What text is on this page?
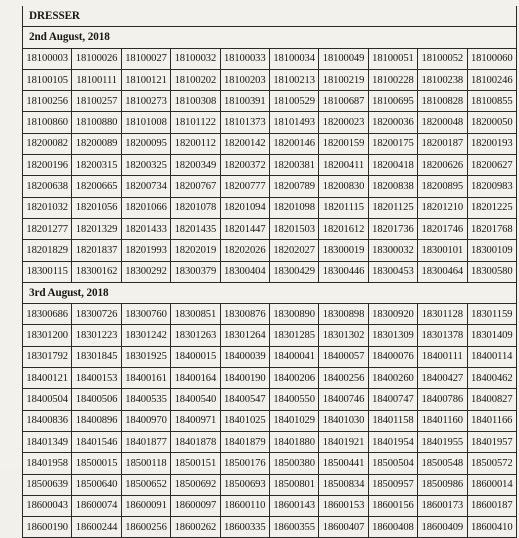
DRESSER									
2nd August, 2018									
18100003	18100026	18100027	18100032	18100033	18100034	18100049	18100051	18100052	18100060
18100105	18100111	18100121	18100202	18100203	18100213	18100219	18100228	18100238	18100246
18100256	18100257	18100273	18100308	18100391	18100529	18100687	18100695	18100828	18100855
18100860	18100880	18101008	18101122	18101373	18101493	18200023	18200036	18200048	18200050
18200082	18200089	18200095	18200112	18200142	18200146	18200159	18200175	18200187	18200193
18200196	18200315	18200325	18200349	18200372	18200381	18200411	18200418	18200626	18200627
18200638	18200665	18200734	18200767	18200777	18200789	18200830	18200838	18200895	18200983
18201032	18201056	18201066	18201078	18201094	18201098	18201115	18201125	18201210	18201225
18201277	18201329	18201433	18201435	18201447	18201503	18201612	18201736	18201746	18201768
18201829	18201837	18201993	18202019	18202026	18202027	18300019	18300032	18300101	18300109
18300115	18300162	18300292	18300379	18300404	18300429	18300446	18300453	18300464	18300580
3rd August, 2018									
18300686	18300726	18300760	18300851	18300876	18300890	18300898	18300920	18301128	18301159
18301200	18301223	18301242	18301263	18301264	18301285	18301302	18301309	18301378	18301409
18301792	18301845	18301925	18400015	18400039	18400041	18400057	18400076	18400111	18400114
18400121	18400153	18400161	18400164	18400190	18400206	18400256	18400260	18400427	18400462
18400504	18400506	18400535	18400540	18400547	18400550	18400746	18400747	18400786	18400827
18400836	18400896	18400970	18400971	18401025	18401029	18401030	18401158	18401160	18401166
18401349	18401546	18401877	18401878	18401879	18401880	18401921	18401954	18401955	18401957
18401958	18500015	18500118	18500151	18500176	18500380	18500441	18500504	18500548	18500572
18500639	18500640	18500652	18500692	18500693	18500801	18500834	18500957	18500986	18600014
18600043	18600074	18600091	18600097	18600110	18600143	18600153	18600156	18600173	18600187
18600190	18600244	18600256	18600262	18600335	18600355	18600407	18600408	18600409	18600410
